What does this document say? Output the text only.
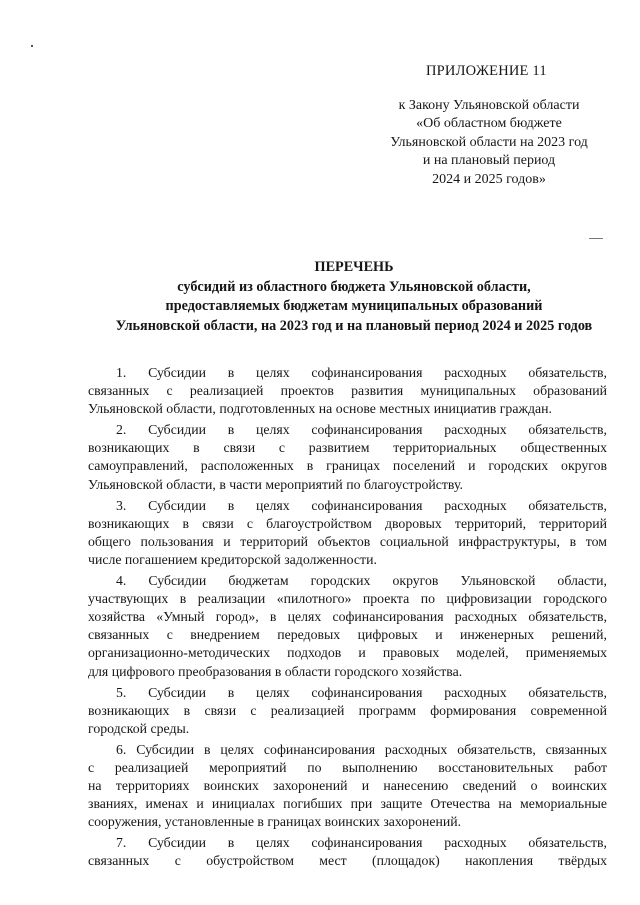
ПРИЛОЖЕНИЕ 11
к Закону Ульяновской области
«Об областном бюджете
Ульяновской области на 2023 год
и на плановый период
2024 и 2025 годов»
ПЕРЕЧЕНЬ
субсидий из областного бюджета Ульяновской области,
предоставляемых бюджетам муниципальных образований
Ульяновской области, на 2023 год и на плановый период 2024 и 2025 годов
1. Субсидии в целях софинансирования расходных обязательств,
связанных с реализацией проектов развития муниципальных образований
Ульяновской области, подготовленных на основе местных инициатив граждан.
2. Субсидии в целях софинансирования расходных обязательств,
возникающих в связи с развитием территориальных общественных
самоуправлений, расположенных в границах поселений и городских округов
Ульяновской области, в части мероприятий по благоустройству.
3. Субсидии в целях софинансирования расходных обязательств,
возникающих в связи с благоустройством дворовых территорий, территорий
общего пользования и территорий объектов социальной инфраструктуры, в том
числе погашением кредиторской задолженности.
4. Субсидии бюджетам городских округов Ульяновской области,
участвующих в реализации «пилотного» проекта по цифровизации городского
хозяйства «Умный город», в целях софинансирования расходных обязательств,
связанных с внедрением передовых цифровых и инженерных решений,
организационно-методических подходов и правовых моделей, применяемых
для цифрового преобразования в области городского хозяйства.
5. Субсидии в целях софинансирования расходных обязательств,
возникающих в связи с реализацией программ формирования современной
городской среды.
6. Субсидии в целях софинансирования расходных обязательств, связанных
с реализацией мероприятий по выполнению восстановительных работ
на территориях воинских захоронений и нанесению сведений о воинских
званиях, именах и инициалах погибших при защите Отечества на мемориальные
сооружения, установленные в границах воинских захоронений.
7. Субсидии в целях софинансирования расходных обязательств,
связанных с обустройством мест (площадок) накопления твёрдых
